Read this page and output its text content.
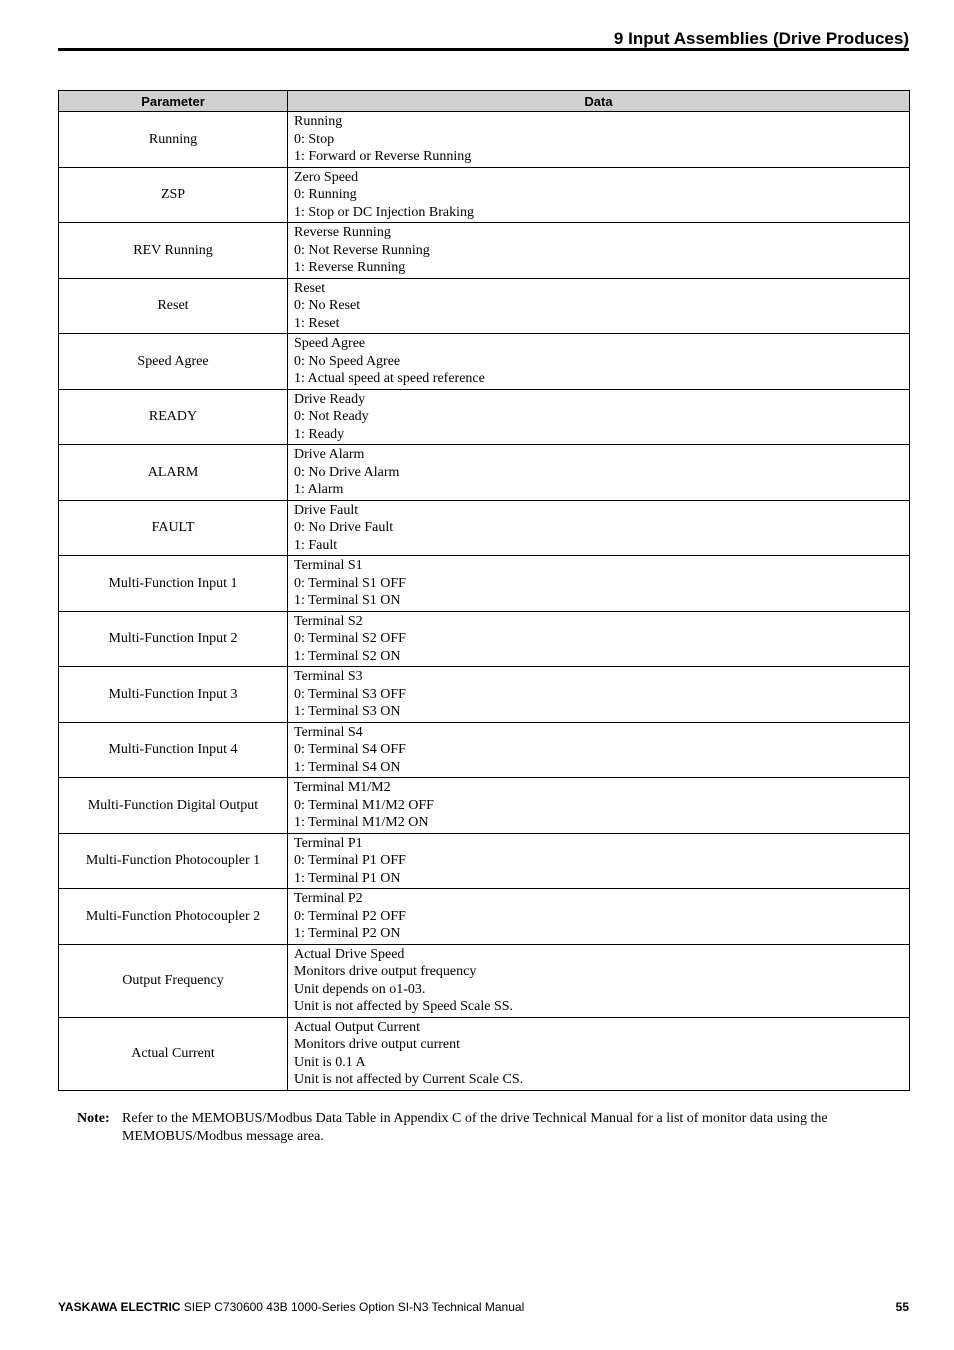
9 Input Assemblies (Drive Produces)
Parameter	Data
Running	Running
0: Stop
1: Forward or Reverse Running

ZSP	Zero Speed
0: Running
1: Stop or DC Injection Braking

REV Running	Reverse Running
0: Not Reverse Running
1: Reverse Running

Reset	Reset
0: No Reset
1: Reset

Speed Agree	Speed Agree
0: No Speed Agree
1: Actual speed at speed reference

READY	Drive Ready
0: Not Ready
1: Ready

ALARM	Drive Alarm
0: No Drive Alarm
1: Alarm

FAULT	Drive Fault
0: No Drive Fault
1: Fault

Multi-Function Input 1	Terminal S1
0: Terminal S1 OFF
1: Terminal S1 ON

Multi-Function Input 2	Terminal S2
0: Terminal S2 OFF
1: Terminal S2 ON

Multi-Function Input 3	Terminal S3
0: Terminal S3 OFF
1: Terminal S3 ON

Multi-Function Input 4	Terminal S4
0: Terminal S4 OFF
1: Terminal S4 ON

Multi-Function Digital Output	Terminal M1/M2
0: Terminal M1/M2 OFF
1: Terminal M1/M2 ON

Multi-Function Photocoupler 1	Terminal P1
0: Terminal P1 OFF
1: Terminal P1 ON

Multi-Function Photocoupler 2	Terminal P2
0: Terminal P2 OFF
1: Terminal P2 ON

Output Frequency	Actual Drive Speed
Monitors drive output frequency
Unit depends on o1-03.
Unit is not affected by Speed Scale SS.

Actual Current	Actual Output Current
Monitors drive output current
Unit is 0.1 A
Unit is not affected by Current Scale CS.
Note: Refer to the MEMOBUS/Modbus Data Table in Appendix C of the drive Technical Manual for a list of monitor data using the MEMOBUS/Modbus message area.
YASKAWA ELECTRIC SIEP C730600 43B 1000-Series Option SI-N3 Technical Manual	55
